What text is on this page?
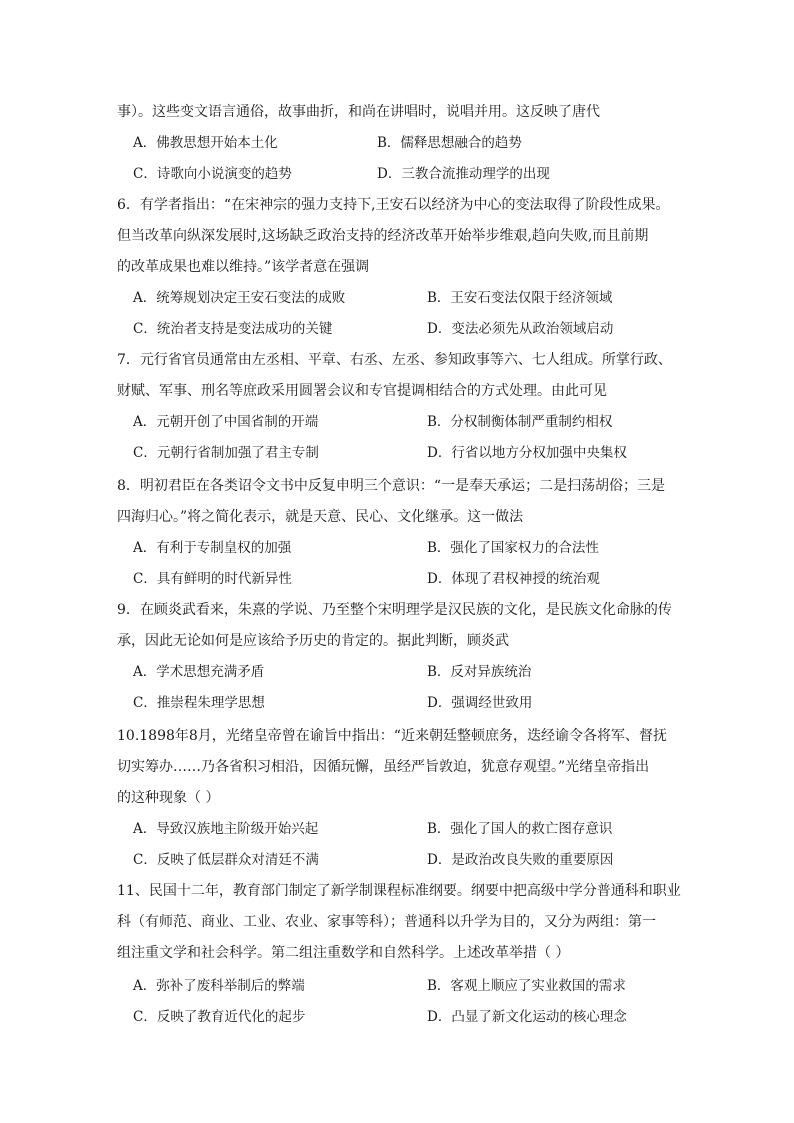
事）。这些变文语言通俗，故事曲折，和尚在讲唱时，说唱并用。这反映了唐代
A．佛教思想开始本土化	B．儒释思想融合的趋势
C．诗歌向小说演变的趋势	D．三教合流推动理学的出现
6．有学者指出：“在宋神宗的强力支持下,王安石以经济为中心的变法取得了阶段性成果。
但当改革向纵深发展时,这场缺乏政治支持的经济改革开始举步维艰,趋向失败,而且前期
的改革成果也难以维持。”该学者意在强调
A．统筹规划决定王安石变法的成败	B．王安石变法仅限于经济领域
C．统治者支持是变法成功的关键	D．变法必须先从政治领域启动
7．元行省官员通常由左丞相、平章、右丞、左丞、参知政事等六、七人组成。所掌行政、
财赋、军事、刑名等庶政采用圆署会议和专官提调相结合的方式处理。由此可见
A．元朝开创了中国省制的开端	B．分权制衡体制严重制约相权
C．元朝行省制加强了君主专制	D．行省以地方分权加强中央集权
8．明初君臣在各类诏令文书中反复申明三个意识：“一是奉天承运；二是扫荡胡俗；三是
四海归心。”将之简化表示，就是天意、民心、文化继承。这一做法
A．有利于专制皇权的加强	B．强化了国家权力的合法性
C．具有鲜明的时代新异性	D．体现了君权神授的统治观
9．在顾炎武看来，朱熹的学说、乃至整个宋明理学是汉民族的文化，是民族文化命脉的传
承，因此无论如何是应该给予历史的肯定的。据此判断，顾炎武
A．学术思想充满矛盾	B．反对异族统治
C．推崇程朱理学思想	D．强调经世致用
10.1898年8月，光绪皇帝曾在谕旨中指出：“近来朝廷整顿庶务，迭经谕令各将军、督抚
切实筹办……乃各省积习相沿，因循玩懈，虽经严旨敦迫，犹意存观望。”光绪皇帝指出
的这种现象（ ）
A．导致汉族地主阶级开始兴起	B．强化了国人的救亡图存意识
C．反映了低层群众对清廷不满	D．是政治改良失败的重要原因
11、民国十二年，教育部门制定了新学制课程标准纲要。纲要中把高级中学分普通科和职业
科（有师范、商业、工业、农业、家事等科）；普通科以升学为目的，又分为两组：第一
组注重文学和社会科学。第二组注重数学和自然科学。上述改革举措（ ）
A．弥补了废科举制后的弊端	B．客观上顺应了实业救国的需求
C．反映了教育近代化的起步	D．凸显了新文化运动的核心理念
